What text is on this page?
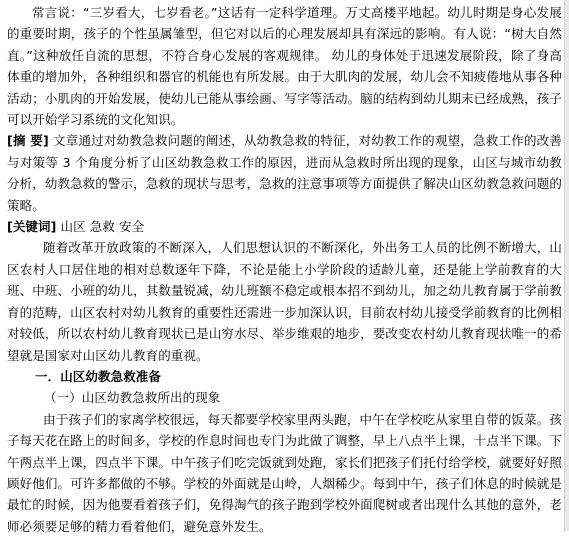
常言说：“三岁看大，七岁看老。”这话有一定科学道理。万丈高楼平地起。幼儿时期是身心发展的重要时期，孩子的个性虽属雏型，但它对以后的心理发展却具有深远的影响。有人说：“树大自然直。”这种放任自流的思想，不符合身心发展的客观规律。 幼儿的身体处于迅速发展阶段，除了身高体重的增加外，各种组织和器官的机能也有所发展。由于大肌肉的发展，幼儿会不知疲倦地从事各种活动；小肌肉的开始发展，使幼儿已能从事绘画、写字等活动。脑的结构到幼儿期末已经成熟，孩子可以开始学习系统的文化知识。

[摘 要] 文章通过对幼教急救问题的阐述，从幼教急救的特征，对幼教工作的观望，急救工作的改善与对策等 3 个角度分析了山区幼教急救工作的原因，进而从急救时所出现的现象，山区与城市幼教分析，幼教急救的警示，急救的现状与思考，急救的注意事项等方面提供了解决山区幼教急救问题的策略。

[关键词] 山区 急救 安全

随着改革开放政策的不断深入，人们思想认识的不断深化，外出务工人员的比例不断增大，山区农村人口居住地的相对总数逐年下降，不论是能上小学阶段的适龄儿童，还是能上学前教育的大班、中班、小班的幼儿，其数量锐减，幼儿班额不稳定或根本招不到幼儿，加之幼儿教育属于学前教育的范畴，山区农村对幼儿教育的重要性还需进一步加深认识，目前农村幼儿接受学前教育的比例相对较低，所以农村幼儿教育现状已是山穷水尽、举步维艰的地步，要改变农村幼儿教育现状唯一的希望就是国家对山区幼儿教育的重视。

一．山区幼教急救准备

（一）山区幼教急救所出的现象

由于孩子们的家离学校很远，每天都要学校家里两头跑，中午在学校吃从家里自带的饭菜。孩子每天花在路上的时间多，学校的作息时间也专门为此做了调整，早上八点半上课，十点半下课。下午两点半上课，四点半下课。中午孩子们吃完饭就到处跑，家长们把孩子们托付给学校，就要好好照顾好他们。可许多都做的不够。学校的外面就是山岭，人烟稀少。每到中午，孩子们休息的时候就是最忙的时候，因为他要看着孩子们，免得淘气的孩子跑到学校外面爬树或者出现什么其他的意外，老师必须要足够的精力看着他们，避免意外发生。
